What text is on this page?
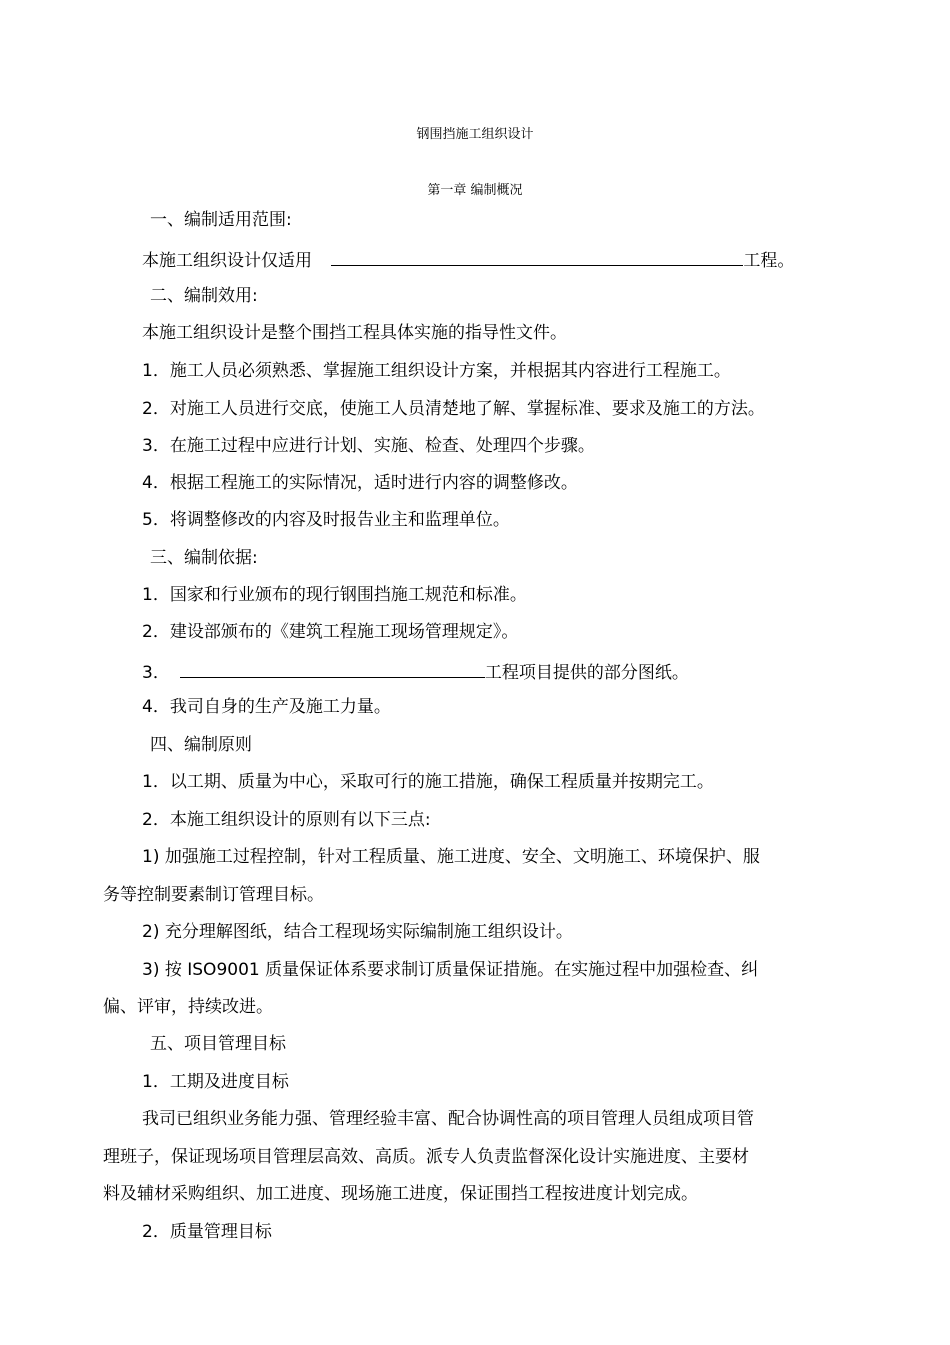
钢围挡施工组织设计
第一章 编制概况
一、编制适用范围:
本施工组织设计仅适用	工程。
二、编制效用:
本施工组织设计是整个围挡工程具体实施的指导性文件。
1．施工人员必须熟悉、掌握施工组织设计方案，并根据其内容进行工程施工。
2．对施工人员进行交底，使施工人员清楚地了解、掌握标准、要求及施工的方法。
3．在施工过程中应进行计划、实施、检查、处理四个步骤。
4．根据工程施工的实际情况，适时进行内容的调整修改。
5．将调整修改的内容及时报告业主和监理单位。
三、编制依据:
1．国家和行业颁布的现行钢围挡施工规范和标准。
2．建设部颁布的《建筑工程施工现场管理规定》。
3．	工程项目提供的部分图纸。
4．我司自身的生产及施工力量。
四、编制原则
1．以工期、质量为中心，采取可行的施工措施，确保工程质量并按期完工。
2．本施工组织设计的原则有以下三点:
1) 加强施工过程控制，针对工程质量、施工进度、安全、文明施工、环境保护、服
务等控制要素制订管理目标。
2) 充分理解图纸，结合工程现场实际编制施工组织设计。
3) 按 ISO9001 质量保证体系要求制订质量保证措施。在实施过程中加强检查、纠
偏、评审，持续改进。
五、项目管理目标
1．工期及进度目标
我司已组织业务能力强、管理经验丰富、配合协调性高的项目管理人员组成项目管
理班子，保证现场项目管理层高效、高质。派专人负责监督深化设计实施进度、主要材
料及辅材采购组织、加工进度、现场施工进度，保证围挡工程按进度计划完成。
2．质量管理目标
